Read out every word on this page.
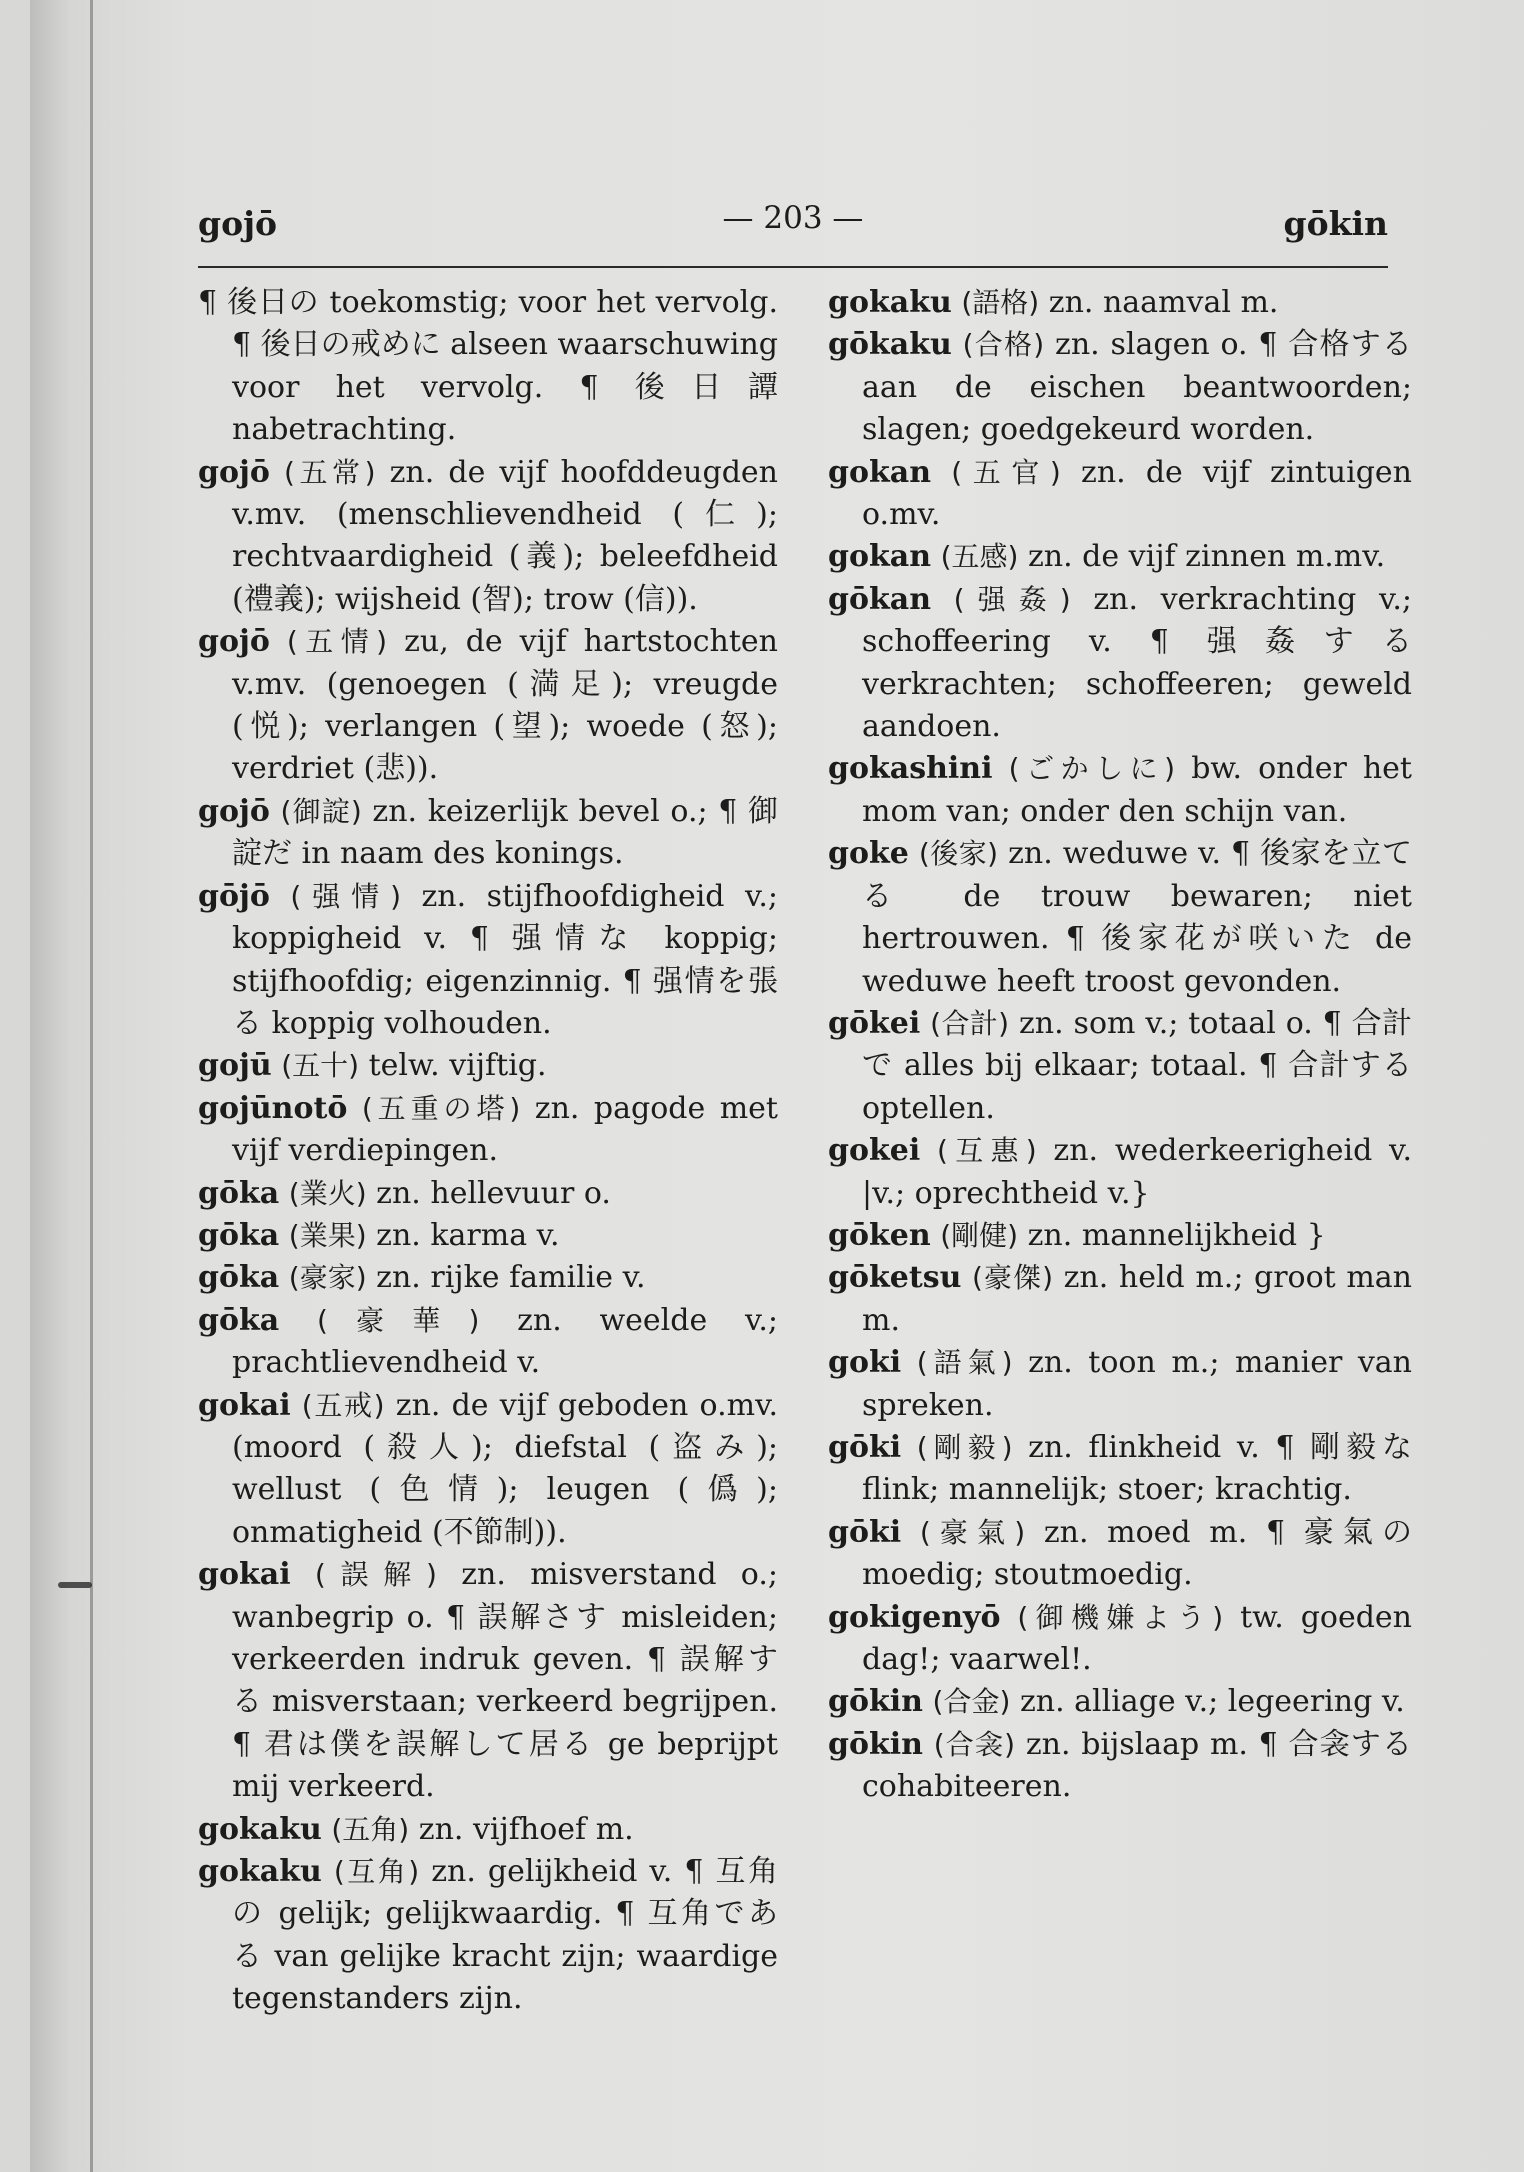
gojō	— 203 —	gōkin

¶ 後日の toekomstig; voor het vervolg. ¶ 後日の戒めに alseen waarschuwing voor het vervolg. ¶ 後日譚 nabetrachting.

gojō (五常) zn. de vijf hoofddeugden v.mv. (menschlievendheid (仁); rechtvaardigheid (義); beleefdheid (禮義); wijsheid (智); trow (信)).

gojō (五情) zu, de vijf hartstochten v.mv. (genoegen (満足); vreugde (悦); verlangen (望); woede (怒); verdriet (悲)).

gojō (御諚) zn. keizerlijk bevel o.; ¶ 御諚だ in naam des konings.

gōjō (强情) zn. stijfhoofdigheid v.; koppigheid v. ¶ 强情な koppig; stijfhoofdig; eigenzinnig. ¶ 强情を張る koppig volhouden.

gojū (五十) telw. vijftig.

gojūnotō (五重の塔) zn. pagode met vijf verdiepingen.

gōka (業火) zn. hellevuur o.

gōka (業果) zn. karma v.

gōka (豪家) zn. rijke familie v.

gōka (豪華) zn. weelde v.; prachtlievendheid v.

gokai (五戒) zn. de vijf geboden o.mv. (moord (殺人); diefstal (盗み); wellust (色情); leugen (僞); onmatigheid (不節制)).

gokai (誤解) zn. misverstand o.; wanbegrip o. ¶ 誤解さす misleiden; verkeerden indruk geven. ¶ 誤解する misverstaan; verkeerd begrijpen. ¶ 君は僕を誤解して居る ge beprijpt mij verkeerd.

gokaku (五角) zn. vijfhoef m.

gokaku (互角) zn. gelijkheid v. ¶ 互角の gelijk; gelijkwaardig. ¶ 互角である van gelijke kracht zijn; waardige tegenstanders zijn.

gokaku (語格) zn. naamval m.

gōkaku (合格) zn. slagen o. ¶ 合格する aan de eischen beantwoorden; slagen; goedgekeurd worden.

gokan (五官) zn. de vijf zintuigen o.mv.

gokan (五感) zn. de vijf zinnen m.mv.

gōkan (强姦) zn. verkrachting v.; schoffeering v. ¶ 强姦する verkrachten; schoffeeren; geweld aandoen.

gokashini (ごかしに) bw. onder het mom van; onder den schijn van.

goke (後家) zn. weduwe v. ¶ 後家を立てる de trouw bewaren; niet hertrouwen. ¶ 後家花が咲いた de weduwe heeft troost gevonden.

gōkei (合計) zn. som v.; totaal o. ¶ 合計で alles bij elkaar; totaal. ¶ 合計する optellen.

gokei (互惠) zn. wederkeerigheid v. |v.; oprechtheid v.}

gōken (剛健) zn. mannelijkheid }

gōketsu (豪傑) zn. held m.; groot man m.

goki (語氣) zn. toon m.; manier van spreken.

gōki (剛毅) zn. flinkheid v. ¶ 剛毅な flink; mannelijk; stoer; krachtig.

gōki (豪氣) zn. moed m. ¶ 豪氣の moedig; stoutmoedig.

gokigenyō (御機嫌よう) tw. goeden dag!; vaarwel!.

gōkin (合金) zn. alliage v.; legeering v.

gōkin (合衾) zn. bijslaap m. ¶ 合衾する cohabiteeren.
